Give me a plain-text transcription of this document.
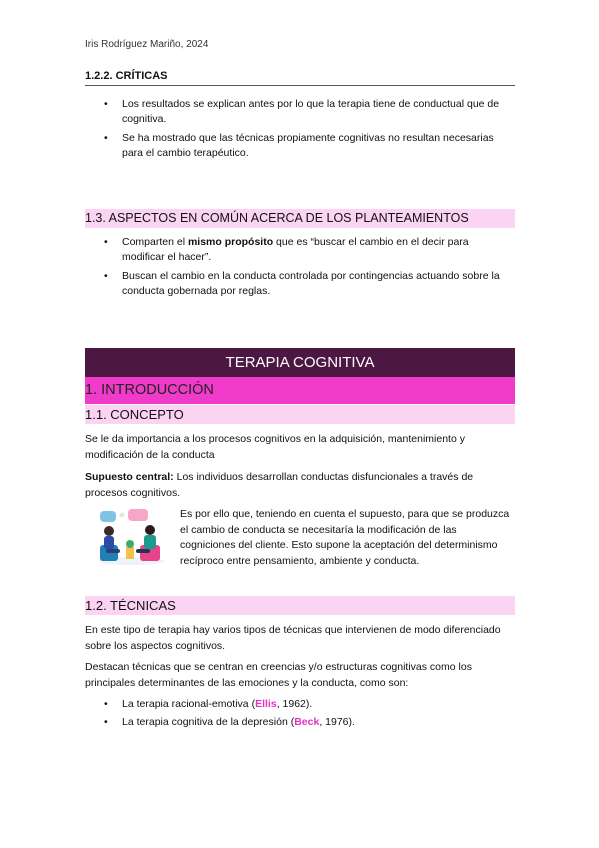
Iris Rodríguez Mariño, 2024
1.2.2. CRÍTICAS
• Los resultados se explican antes por lo que la terapia tiene de conductual que de cognitiva.
• Se ha mostrado que las técnicas propiamente cognitivas no resultan necesarias para el cambio terapéutico.
1.3. ASPECTOS EN COMÚN ACERCA DE LOS PLANTEAMIENTOS
• Comparten el mismo propósito que es “buscar el cambio en el decir para modificar el hacer”.
• Buscan el cambio en la conducta controlada por contingencias actuando sobre la conducta gobernada por reglas.
TERAPIA COGNITIVA
1. INTRODUCCIÓN
1.1. CONCEPTO
Se le da importancia a los procesos cognitivos en la adquisición, mantenimiento y modificación de la conducta
Supuesto central: Los individuos desarrollan conductas disfuncionales a través de procesos cognitivos.
Es por ello que, teniendo en cuenta el supuesto, para que se produzca el cambio de conducta se necesitaría la modificación de las cogniciones del cliente. Esto supone la aceptación del determinismo recíproco entre pensamiento, ambiente y conducta.
1.2. TÉCNICAS
En este tipo de terapia hay varios tipos de técnicas que intervienen de modo diferenciado sobre los aspectos cognitivos.
Destacan técnicas que se centran en creencias y/o estructuras cognitivas como los principales determinantes de las emociones y la conducta, como son:
• La terapia racional-emotiva (Ellis, 1962).
• La terapia cognitiva de la depresión (Beck, 1976).
